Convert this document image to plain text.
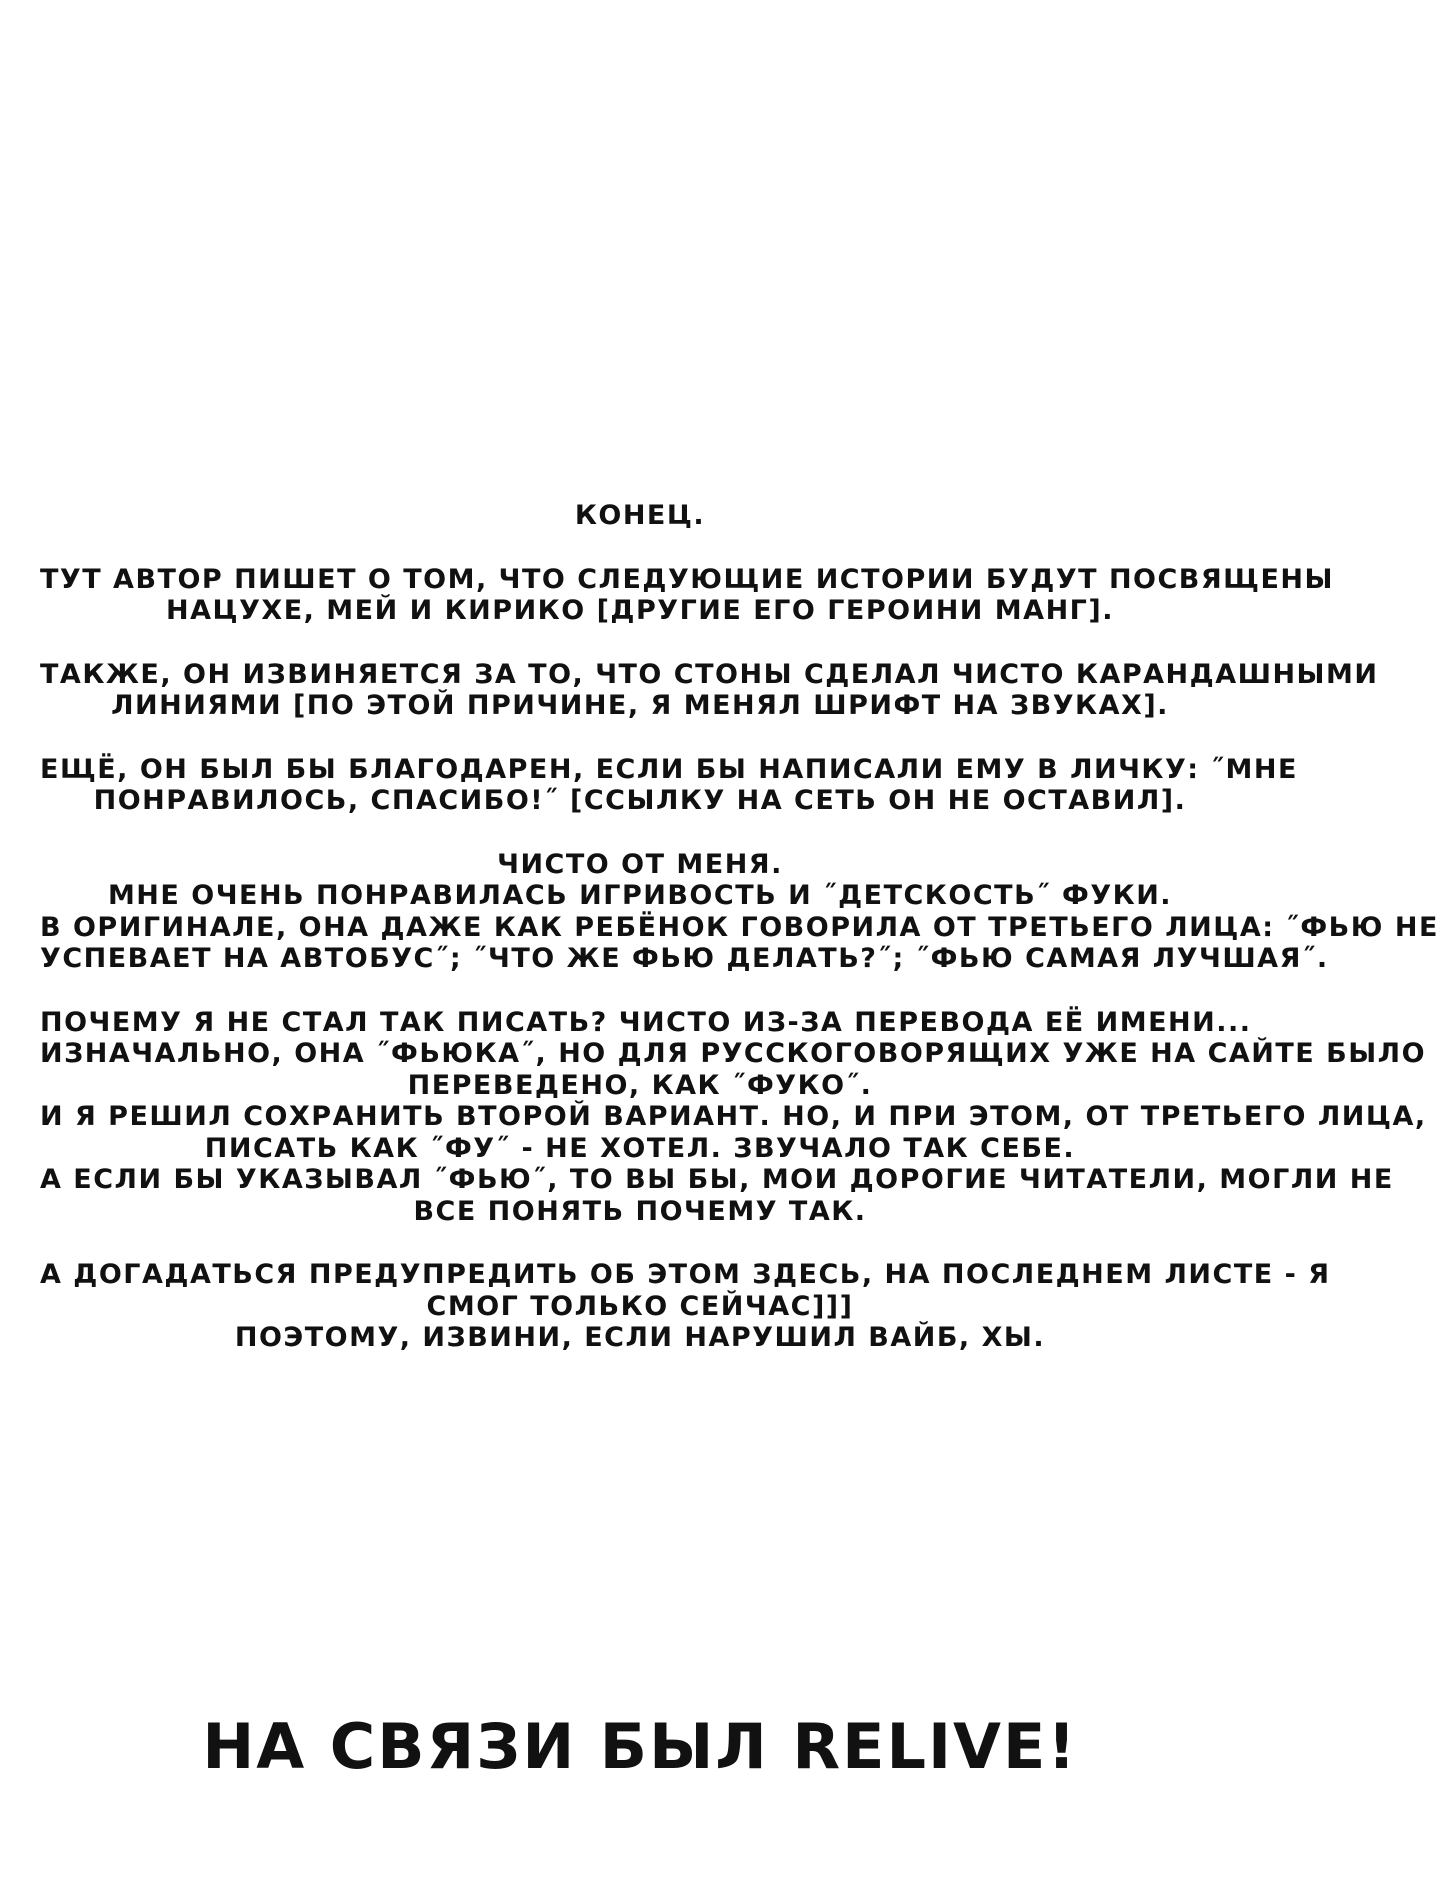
КОНЕЦ.
ТУТ АВТОР ПИШЕТ О ТОМ, ЧТО СЛЕДУЮЩИЕ ИСТОРИИ БУДУТ ПОСВЯЩЕНЫ
НАЦУХЕ, МЕЙ И КИРИКО [ДРУГИЕ ЕГО ГЕРОИНИ МАНГ].
ТАКЖЕ, ОН ИЗВИНЯЕТСЯ ЗА ТО, ЧТО СТОНЫ СДЕЛАЛ ЧИСТО КАРАНДАШНЫМИ
ЛИНИЯМИ [ПО ЭТОЙ ПРИЧИНЕ, Я МЕНЯЛ ШРИФТ НА ЗВУКАХ].
ЕЩЁ, ОН БЫЛ БЫ БЛАГОДАРЕН, ЕСЛИ БЫ НАПИСАЛИ ЕМУ В ЛИЧКУ: ˝МНЕ
ПОНРАВИЛОСЬ, СПАСИБО!˝ [ССЫЛКУ НА СЕТЬ ОН НЕ ОСТАВИЛ].
ЧИСТО ОТ МЕНЯ.
МНЕ ОЧЕНЬ ПОНРАВИЛАСЬ ИГРИВОСТЬ И ˝ДЕТСКОСТЬ˝ ФУКИ.
В ОРИГИНАЛЕ, ОНА ДАЖЕ КАК РЕБЁНОК ГОВОРИЛА ОТ ТРЕТЬЕГО ЛИЦА: ˝ФЬЮ НЕ
УСПЕВАЕТ НА АВТОБУС˝; ˝ЧТО ЖЕ ФЬЮ ДЕЛАТЬ?˝; ˝ФЬЮ САМАЯ ЛУЧШАЯ˝.
ПОЧЕМУ Я НЕ СТАЛ ТАК ПИСАТЬ? ЧИСТО ИЗ-ЗА ПЕРЕВОДА ЕЁ ИМЕНИ...
ИЗНАЧАЛЬНО, ОНА ˝ФЬЮКА˝, НО ДЛЯ РУССКОГОВОРЯЩИХ УЖЕ НА САЙТЕ БЫЛО
ПЕРЕВЕДЕНО, КАК ˝ФУКО˝.
И Я РЕШИЛ СОХРАНИТЬ ВТОРОЙ ВАРИАНТ. НО, И ПРИ ЭТОМ, ОТ ТРЕТЬЕГО ЛИЦА,
ПИСАТЬ КАК ˝ФУ˝ - НЕ ХОТЕЛ. ЗВУЧАЛО ТАК СЕБЕ.
А ЕСЛИ БЫ УКАЗЫВАЛ ˝ФЬЮ˝, ТО ВЫ БЫ, МОИ ДОРОГИЕ ЧИТАТЕЛИ, МОГЛИ НЕ
ВСЕ ПОНЯТЬ ПОЧЕМУ ТАК.
А ДОГАДАТЬСЯ ПРЕДУПРЕДИТЬ ОБ ЭТОМ ЗДЕСЬ, НА ПОСЛЕДНЕМ ЛИСТЕ - Я
СМОГ ТОЛЬКО СЕЙЧАС]]]
ПОЭТОМУ, ИЗВИНИ, ЕСЛИ НАРУШИЛ ВАЙБ, ХЫ.
НА СВЯЗИ БЫЛ RELIVE!
